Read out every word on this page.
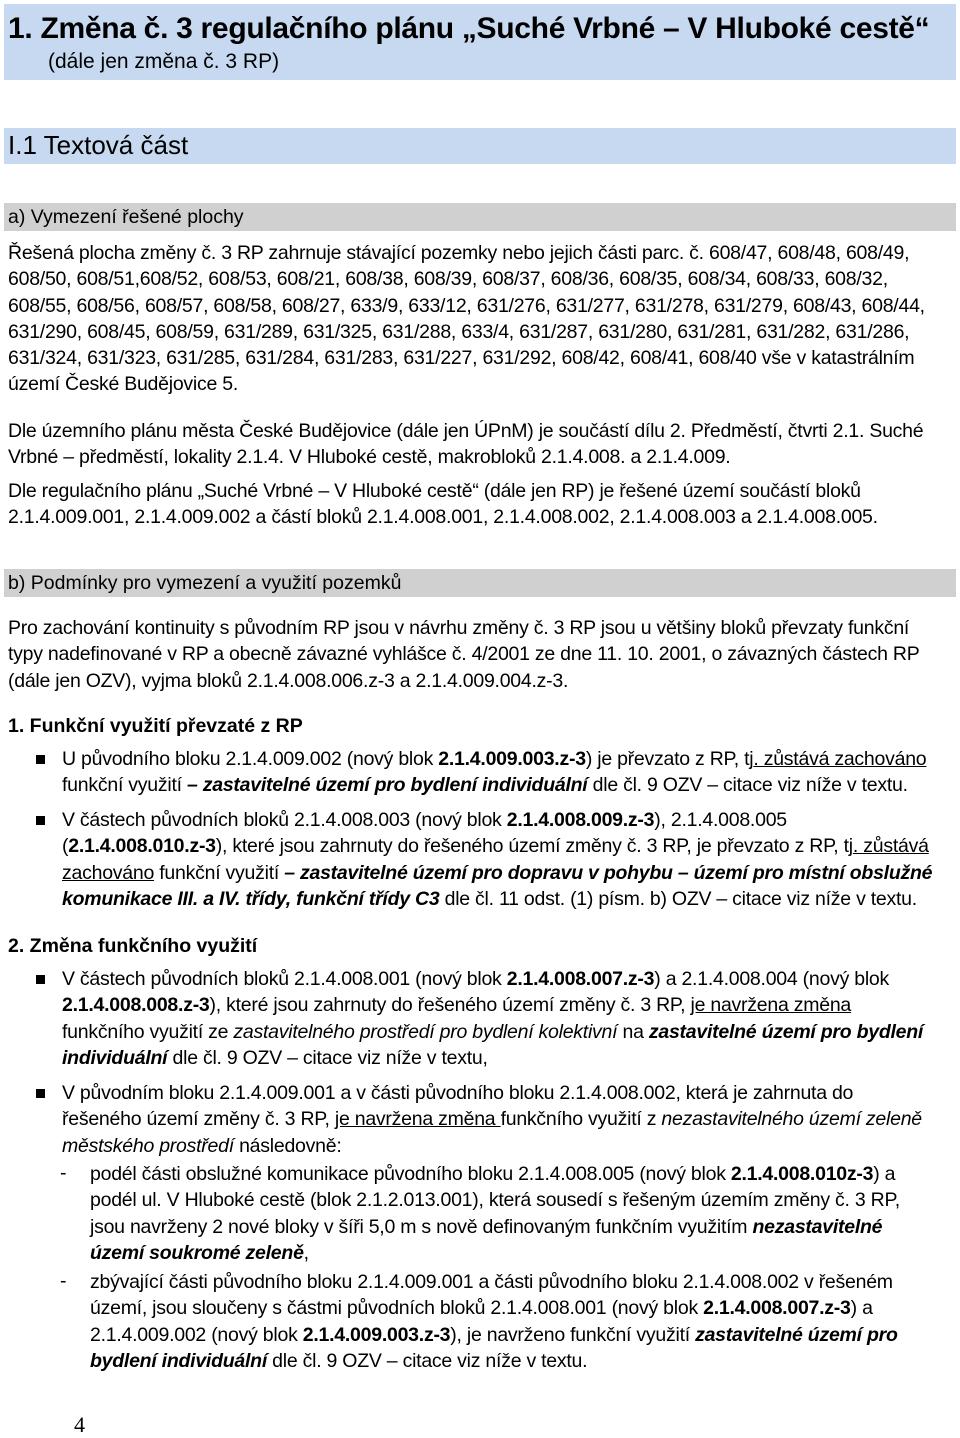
1. Změna č. 3 regulačního plánu „Suché Vrbné – V Hluboké cestě“
(dále jen změna č. 3 RP)
I.1 Textová část
a) Vymezení řešené plochy
Řešená plocha změny č. 3 RP zahrnuje stávající pozemky nebo jejich části parc. č. 608/47, 608/48, 608/49,
608/50, 608/51,608/52, 608/53, 608/21, 608/38, 608/39, 608/37, 608/36, 608/35, 608/34, 608/33, 608/32,
608/55, 608/56, 608/57, 608/58, 608/27, 633/9, 633/12, 631/276, 631/277, 631/278, 631/279, 608/43, 608/44,
631/290, 608/45, 608/59, 631/289, 631/325, 631/288, 633/4, 631/287, 631/280, 631/281, 631/282, 631/286,
631/324, 631/323, 631/285, 631/284, 631/283, 631/227, 631/292, 608/42, 608/41, 608/40 vše v katastrálním
území České Budějovice 5.
Dle územního plánu města České Budějovice (dále jen ÚPnM) je součástí dílu 2. Předměstí, čtvrti 2.1. Suché
Vrbné – předměstí, lokality 2.1.4. V Hluboké cestě, makrobloků 2.1.4.008. a 2.1.4.009.
Dle regulačního plánu „Suché Vrbné – V Hluboké cestě“ (dále jen RP) je řešené území součástí bloků
2.1.4.009.001, 2.1.4.009.002 a částí bloků 2.1.4.008.001, 2.1.4.008.002, 2.1.4.008.003 a 2.1.4.008.005.
b) Podmínky pro vymezení a využití pozemků
Pro zachování kontinuity s původním RP jsou v návrhu změny č. 3 RP jsou u většiny bloků převzaty funkční
typy nadefinované v RP a obecně závazné vyhlášce č. 4/2001 ze dne 11. 10. 2001, o závazných částech RP
(dále jen OZV), vyjma bloků 2.1.4.008.006.z-3 a 2.1.4.009.004.z-3.
1. Funkční využití převzaté z RP
U původního bloku 2.1.4.009.002 (nový blok 2.1.4.009.003.z-3) je převzato z RP, tj. zůstává zachováno
funkční využití – zastavitelné území pro bydlení individuální dle čl. 9 OZV – citace viz níže v textu.
V částech původních bloků 2.1.4.008.003 (nový blok 2.1.4.008.009.z-3), 2.1.4.008.005
(2.1.4.008.010.z-3), které jsou zahrnuty do řešeného území změny č. 3 RP, je převzato z RP, tj. zůstává
zachováno funkční využití – zastavitelné území pro dopravu v pohybu – území pro místní obslužné
komunikace III. a IV. třídy, funkční třídy C3 dle čl. 11 odst. (1) písm. b) OZV – citace viz níže v textu.
2. Změna funkčního využití
V částech původních bloků 2.1.4.008.001 (nový blok 2.1.4.008.007.z-3) a 2.1.4.008.004 (nový blok
2.1.4.008.008.z-3), které jsou zahrnuty do řešeného území změny č. 3 RP, je navržena změna
funkčního využití ze zastavitelného prostředí pro bydlení kolektivní na zastavitelné území pro bydlení
individuální dle čl. 9 OZV – citace viz níže v textu,
V původním bloku 2.1.4.009.001 a v části původního bloku 2.1.4.008.002, která je zahrnuta do
řešeného území změny č. 3 RP, je navržena změna funkčního využití z nezastavitelného území zeleně
městského prostředí následovně:
- podél části obslužné komunikace původního bloku 2.1.4.008.005 (nový blok 2.1.4.008.010z-3) a
podél ul. V Hluboké cestě (blok 2.1.2.013.001), která sousedí s řešeným územím změny č. 3 RP,
jsou navrženy 2 nové bloky v šíři 5,0 m s nově definovaným funkčním využitím nezastavitelné
území soukromé zeleně,
- zbývající části původního bloku 2.1.4.009.001 a části původního bloku 2.1.4.008.002 v řešeném
území, jsou sloučeny s částmi původních bloků 2.1.4.008.001 (nový blok 2.1.4.008.007.z-3) a
2.1.4.009.002 (nový blok 2.1.4.009.003.z-3), je navrženo funkční využití zastavitelné území pro
bydlení individuální dle čl. 9 OZV – citace viz níže v textu.
4
